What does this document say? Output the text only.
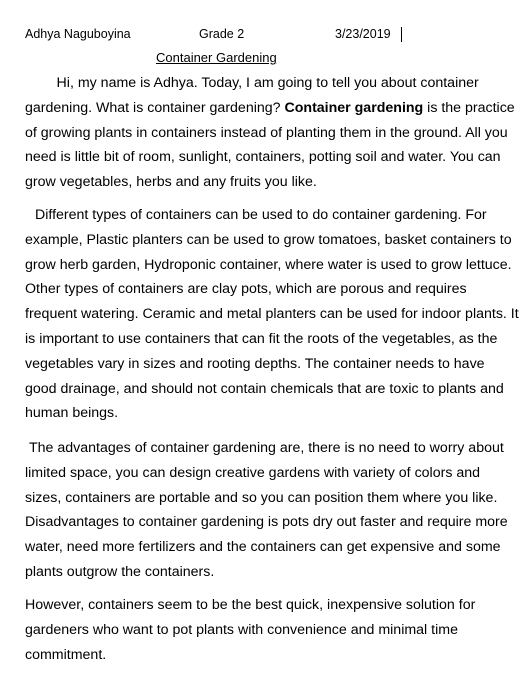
Adhya Naguboyina	Grade 2	3/23/2019
Container Gardening

Hi, my name is Adhya. Today, I am going to tell you about container gardening. What is container gardening? Container gardening is the practice of growing plants in containers instead of planting them in the ground. All you need is little bit of room, sunlight, containers, potting soil and water. You can grow vegetables, herbs and any fruits you like.

Different types of containers can be used to do container gardening. For example, Plastic planters can be used to grow tomatoes, basket containers to grow herb garden, Hydroponic container, where water is used to grow lettuce. Other types of containers are clay pots, which are porous and requires frequent watering. Ceramic and metal planters can be used for indoor plants. It is important to use containers that can fit the roots of the vegetables, as the vegetables vary in sizes and rooting depths. The container needs to have good drainage, and should not contain chemicals that are toxic to plants and human beings.

The advantages of container gardening are, there is no need to worry about limited space, you can design creative gardens with variety of colors and sizes, containers are portable and so you can position them where you like. Disadvantages to container gardening is pots dry out faster and require more water, need more fertilizers and the containers can get expensive and some plants outgrow the containers.

However, containers seem to be the best quick, inexpensive solution for gardeners who want to pot plants with convenience and minimal time commitment.
